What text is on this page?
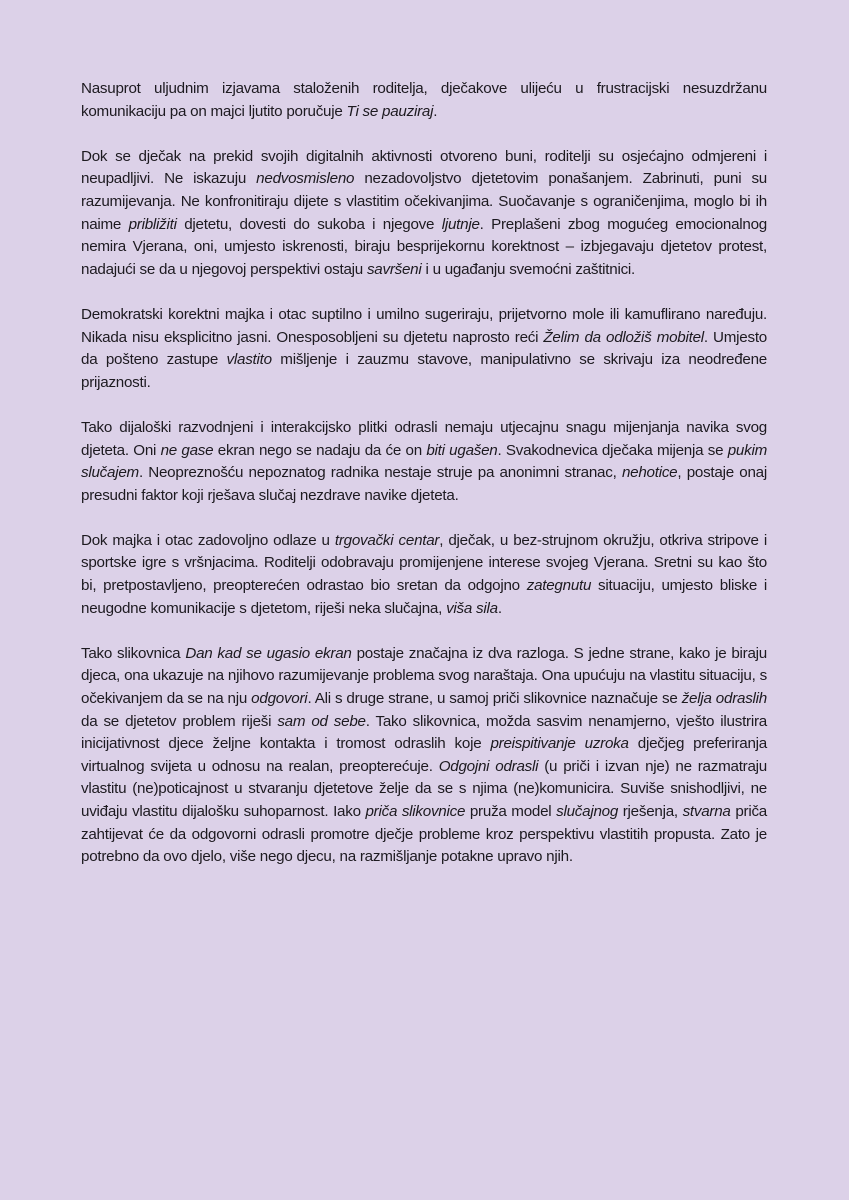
Nasuprot uljudnim izjavama staloženih roditelja, dječakove ulijeću u frustracijski nesuzdržanu komunikaciju pa on majci ljutito poručuje Ti se pauziraj.

Dok se dječak na prekid svojih digitalnih aktivnosti otvoreno buni, roditelji su osjećajno odmjereni i neupadljivi. Ne iskazuju nedvosmisleno nezadovoljstvo djetetovim ponašanjem. Zabrinuti, puni su razumijevanja. Ne konfronitiraju dijete s vlastitim očekivanjima. Suočavanje s ograničenjima, moglo bi ih naime približiti djetetu, dovesti do sukoba i njegove ljutnje. Preplašeni zbog mogućeg emocionalnog nemira Vjerana, oni, umjesto iskrenosti, biraju besprijekornu korektnost – izbjegavaju djetetov protest, nadajući se da u njegovoj perspektivi ostaju savršeni i u ugađanju svemoćni zaštitnici.

Demokratski korektni majka i otac suptilno i umilno sugeriraju, prijetvorno mole ili kamuflirano naređuju. Nikada nisu eksplicitno jasni. Onesposobljeni su djetetu naprosto reći Želim da odložiš mobitel. Umjesto da pošteno zastupe vlastito mišljenje i zauzmu stavove, manipulativno se skrivaju iza neodređene prijaznosti.

Tako dijaloški razvodnjeni i interakcijsko plitki odrasli nemaju utjecajnu snagu mijenjanja navika svog djeteta. Oni ne gase ekran nego se nadaju da će on biti ugašen. Svakodnevica dječaka mijenja se pukim slučajem. Neopreznošću nepoznatog radnika nestaje struje pa anonimni stranac, nehotice, postaje onaj presudni faktor koji rješava slučaj nezdrave navike djeteta.

Dok majka i otac zadovoljno odlaze u trgovački centar, dječak, u bez-strujnom okružju, otkriva stripove i sportske igre s vršnjacima. Roditelji odobravaju promijenjene interese svojeg Vjerana. Sretni su kao što bi, pretpostavljeno, preopterećen odrastao bio sretan da odgojno zategnutu situaciju, umjesto bliske i neugodne komunikacije s djetetom, riješi neka slučajna, viša sila.

Tako slikovnica Dan kad se ugasio ekran postaje značajna iz dva razloga. S jedne strane, kako je biraju djeca, ona ukazuje na njihovo razumijevanje problema svog naraštaja. Ona upućuju na vlastitu situaciju, s očekivanjem da se na nju odgovori. Ali s druge strane, u samoj priči slikovnice naznačuje se želja odraslih da se djetetov problem riješi sam od sebe. Tako slikovnica, možda sasvim nenamjerno, vješto ilustrira inicijativnost djece željne kontakta i tromost odraslih koje preispitivanje uzroka dječjeg preferiranja virtualnog svijeta u odnosu na realan, preopterećuje. Odgojni odrasli (u priči i izvan nje) ne razmatraju vlastitu (ne)poticajnost u stvaranju djetetove želje da se s njima (ne)komunicira. Suviše snishodljivi, ne uviđaju vlastitu dijalošku suhoparnost. Iako priča slikovnice pruža model slučajnog rješenja, stvarna priča zahtijevat će da odgovorni odrasli promotre dječje probleme kroz perspektivu vlastitih propusta. Zato je potrebno da ovo djelo, više nego djecu, na razmišljanje potakne upravo njih.
